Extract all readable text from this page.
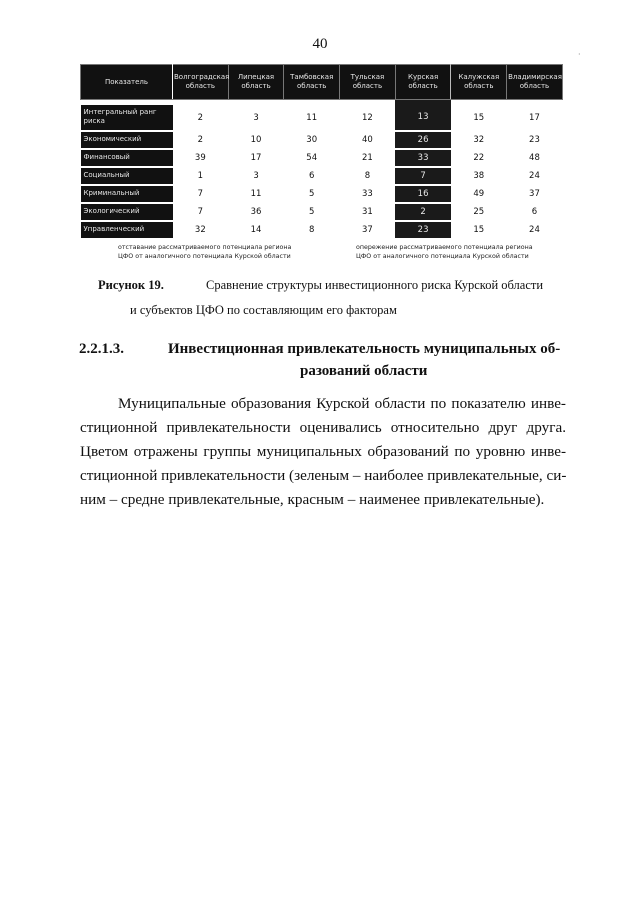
40
·
Показатель	Волгоградская область	Липецкая область	Тамбовская область	Тульская область	Курская область	Калужская область	Владимирская область

Интегральный ранг риска	2	3	11	12	13	15	17
Экономический	2	10	30	40	26	32	23
Финансовый	39	17	54	21	33	22	48
Социальный	1	3	6	8	7	38	24
Криминальный	7	11	5	33	16	49	37
Экологический	7	36	5	31	2	25	6
Управленческий	32	14	8	37	23	15	24
отставание рассматриваемого потенциала региона
ЦФО от аналогичного потенциала Курской области
опережение рассматриваемого потенциала региона
ЦФО от аналогичного потенциала Курской области
Рисунок 19.	Сравнение структуры инвестиционного риска Курской области
и субъектов ЦФО по составляющим его факторам
2.2.1.3.	Инвестиционная привлекательность муниципальных об-
разований области
Муниципальные образования Курской области по показателю инве-
стиционной привлекательности оценивались относительно друг друга.
Цветом отражены группы муниципальных образований по уровню инве-
стиционной привлекательности (зеленым – наиболее привлекательные, си-
ним – средне привлекательные, красным – наименее привлекательные).
